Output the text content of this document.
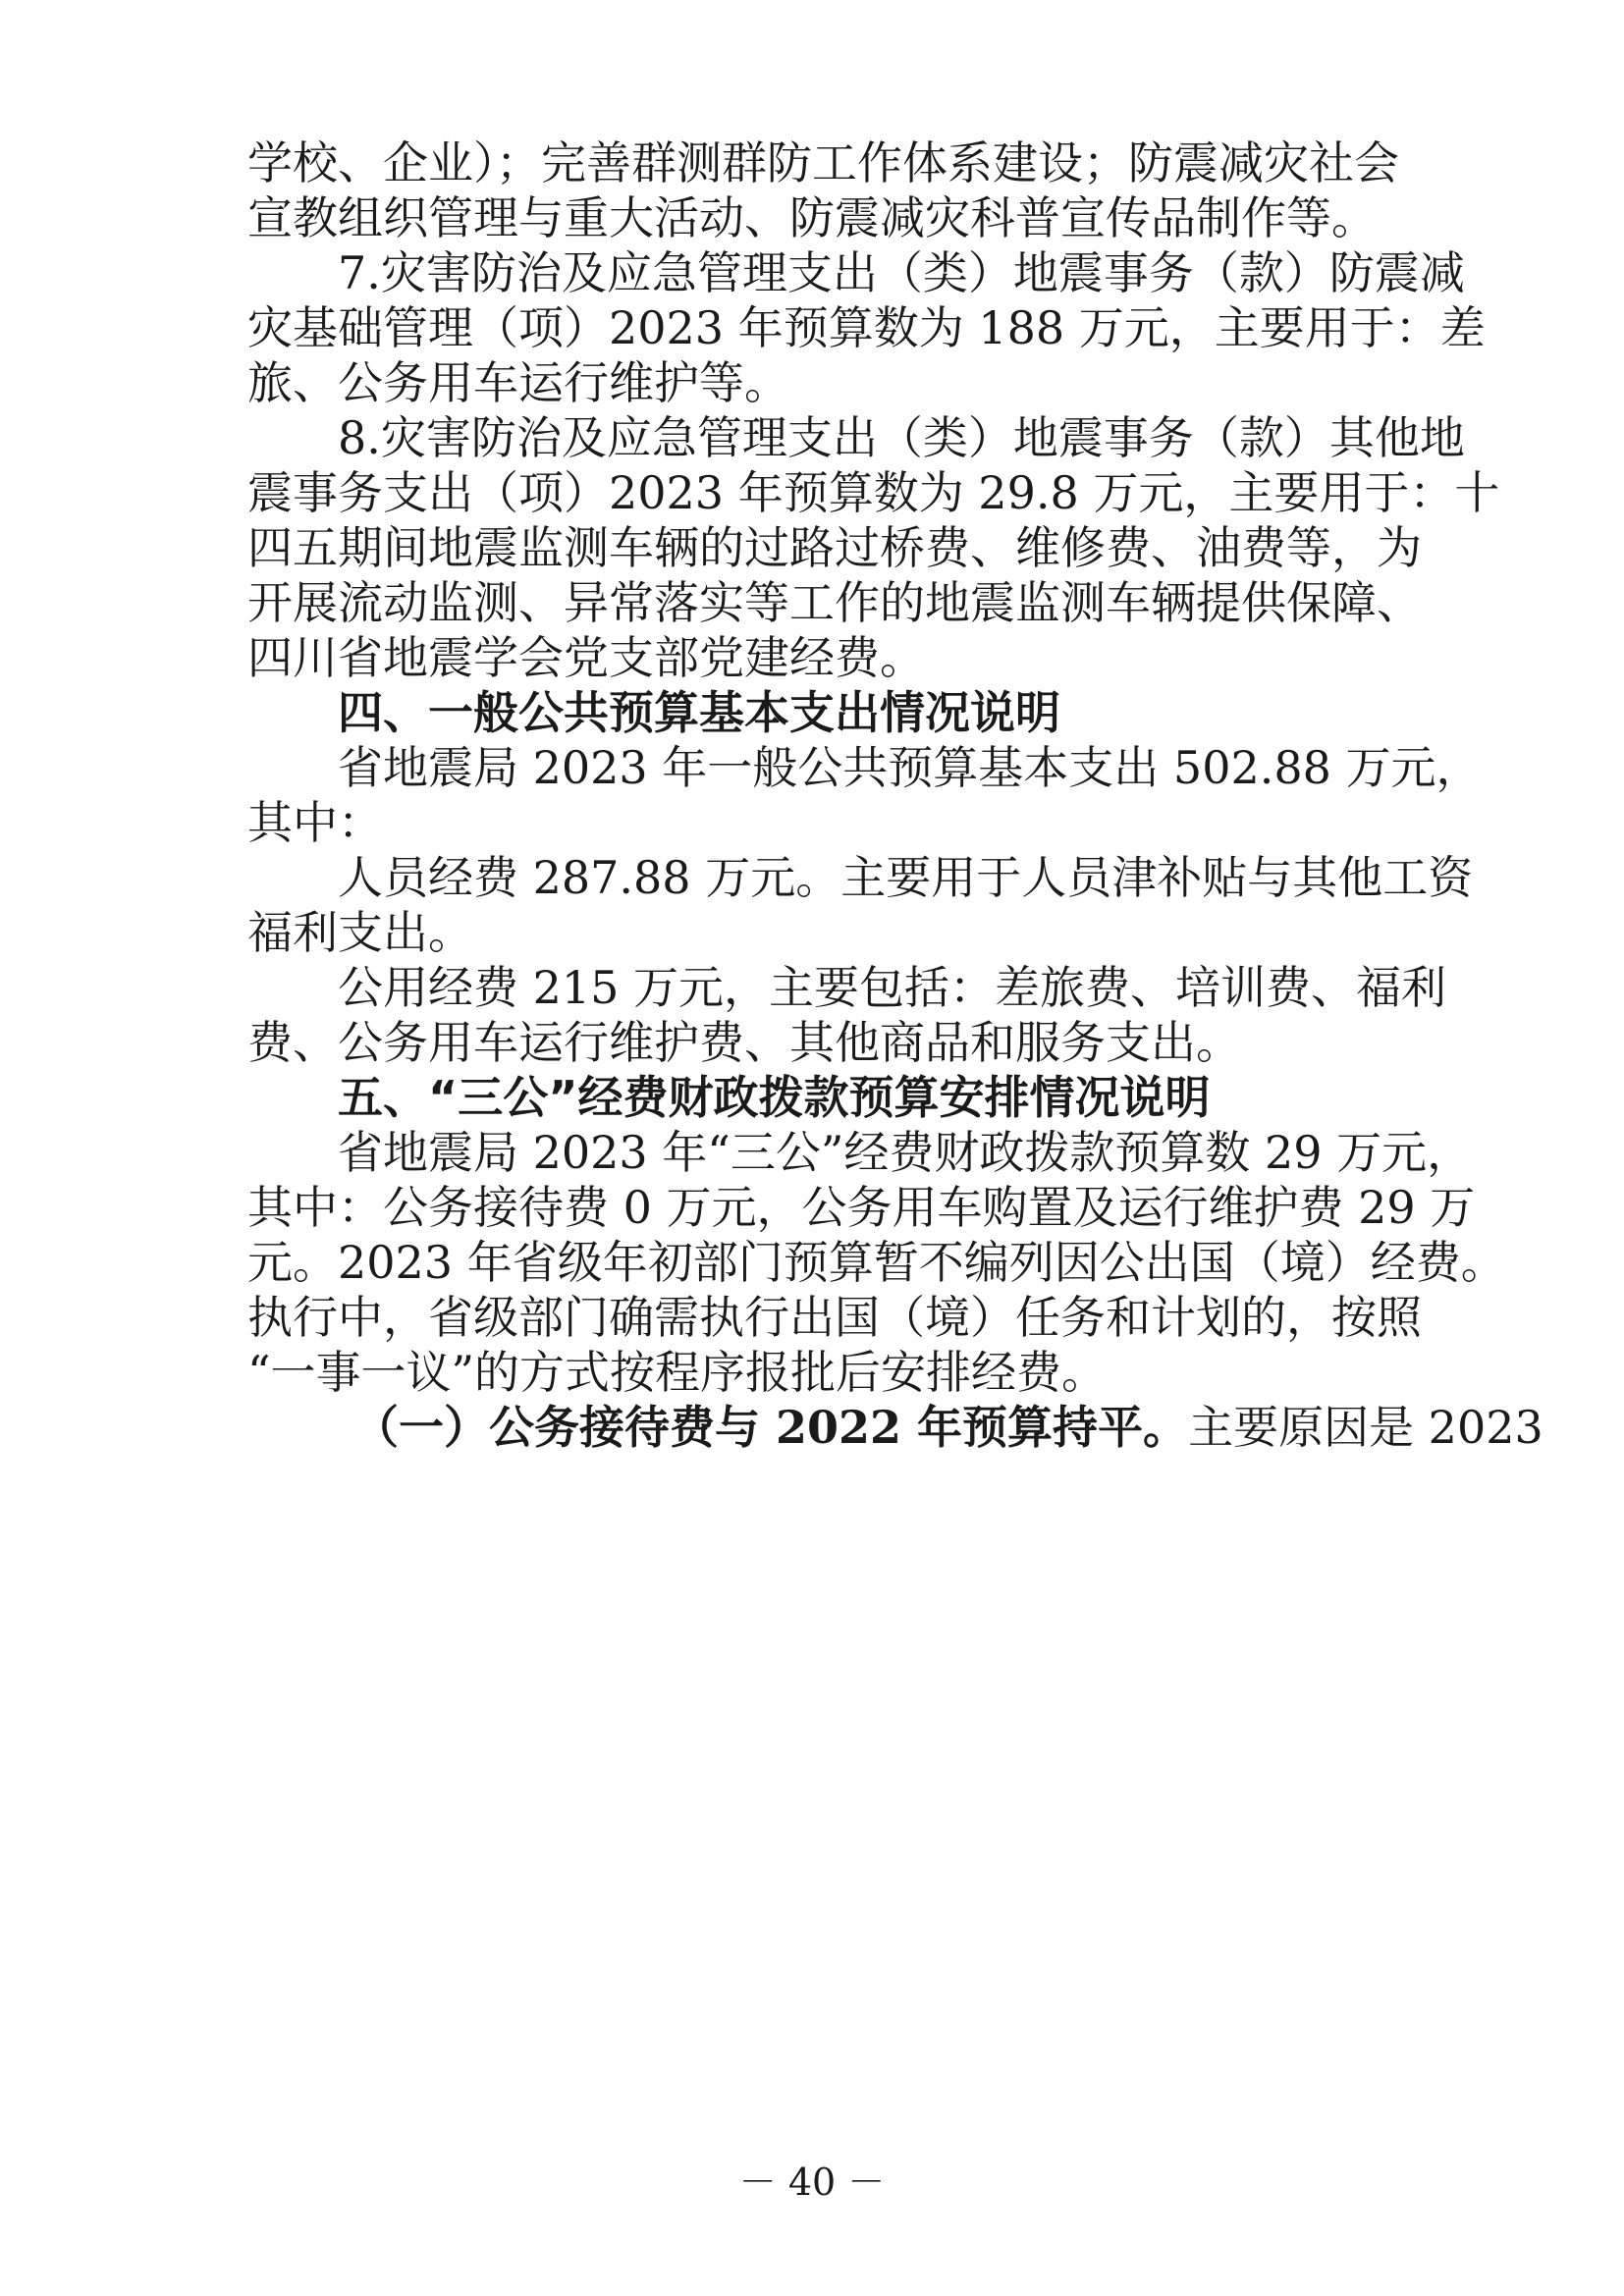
学校、企业）；完善群测群防工作体系建设；防震减灾社会
宣教组织管理与重大活动、防震减灾科普宣传品制作等。
7.灾害防治及应急管理支出（类）地震事务（款）防震减
灾基础管理（项）2023 年预算数为 188 万元，主要用于：差
旅、公务用车运行维护等。
8.灾害防治及应急管理支出（类）地震事务（款）其他地
震事务支出（项）2023 年预算数为 29.8 万元，主要用于：十
四五期间地震监测车辆的过路过桥费、维修费、油费等，为
开展流动监测、异常落实等工作的地震监测车辆提供保障、
四川省地震学会党支部党建经费。
四、一般公共预算基本支出情况说明
省地震局 2023 年一般公共预算基本支出 502.88 万元，
其中：
人员经费 287.88 万元。主要用于人员津补贴与其他工资
福利支出。
公用经费 215 万元，主要包括：差旅费、培训费、福利
费、公务用车运行维护费、其他商品和服务支出。
五、“三公”经费财政拨款预算安排情况说明
省地震局 2023 年“三公”经费财政拨款预算数 29 万元，
其中：公务接待费 0 万元，公务用车购置及运行维护费 29 万
元。2023 年省级年初部门预算暂不编列因公出国（境）经费。
执行中，省级部门确需执行出国（境）任务和计划的，按照
“一事一议”的方式按程序报批后安排经费。
（一）公务接待费与 2022 年预算持平。主要原因是 2023
－ 40 －
